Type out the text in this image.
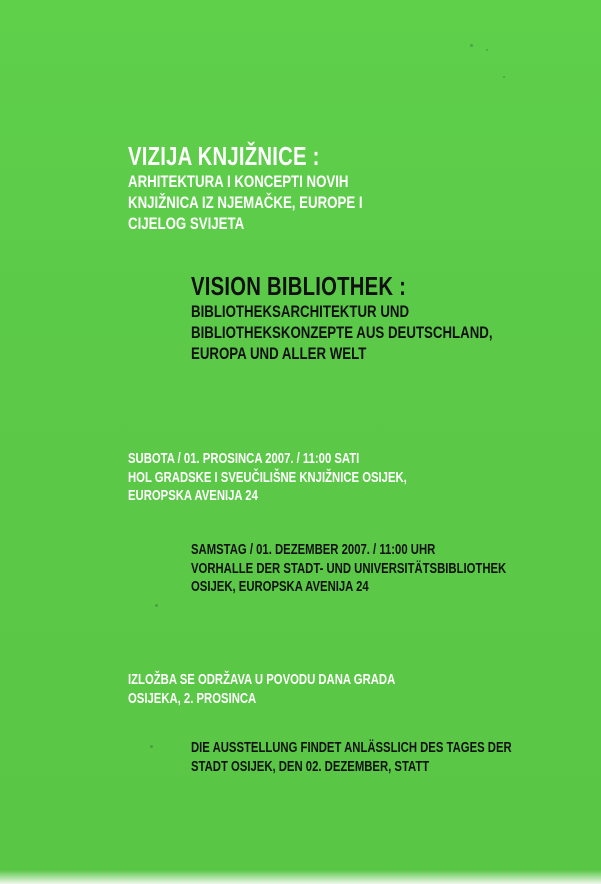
VIZIJA KNJIŽNICE :
ARHITEKTURA I KONCEPTI NOVIH
KNJIŽNICA IZ NJEMAČKE, EUROPE I
CIJELOG SVIJETA
VISION BIBLIOTHEK :
BIBLIOTHEKSARCHITEKTUR UND
BIBLIOTHEKSKONZEPTE AUS DEUTSCHLAND,
EUROPA UND ALLER WELT
SUBOTA / 01. PROSINCA 2007. / 11:00 SATI
HOL GRADSKE I SVEUČILIŠNE KNJIŽNICE OSIJEK,
EUROPSKA AVENIJA 24
SAMSTAG / 01. DEZEMBER 2007. / 11:00 UHR
VORHALLE DER STADT- UND UNIVERSITÄTSBIBLIOTHEK
OSIJEK, EUROPSKA AVENIJA 24
IZLOŽBA SE ODRŽAVA U POVODU DANA GRADA
OSIJEKA, 2. PROSINCA
DIE AUSSTELLUNG FINDET ANLÄSSLICH DES TAGES DER
STADT OSIJEK, DEN 02. DEZEMBER, STATT
